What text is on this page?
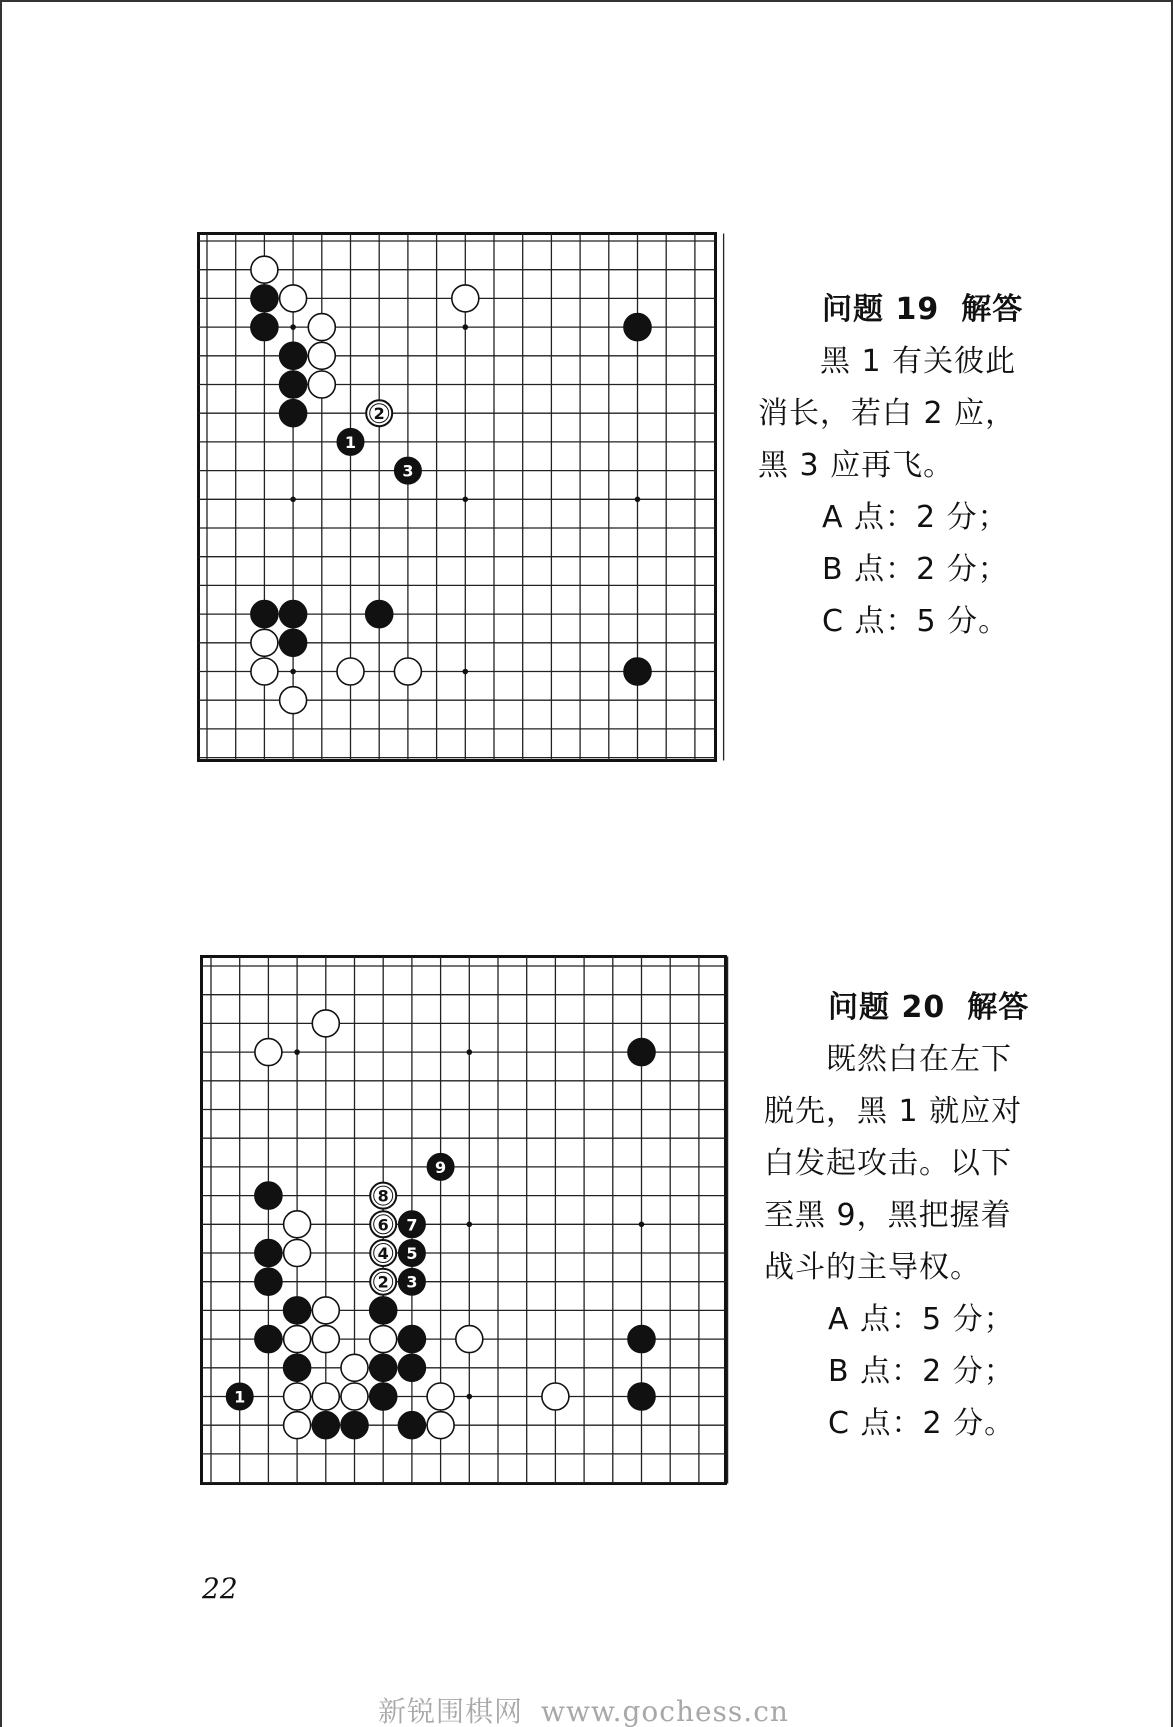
2
1
3
9
8
6 7
4 5
2 3
1
问题 19 解答
黑 1 有关彼此
消长，若白 2 应，
黑 3 应再飞。
A 点：2 分；
B 点：2 分；
C 点：5 分。
问题 20 解答
既然白在左下
脱先，黑 1 就应对
白发起攻击。以下
至黑 9，黑把握着
战斗的主导权。
A 点：5 分；
B 点：2 分；
C 点：2 分。
22
新锐围棋网 www.gochess.cn
